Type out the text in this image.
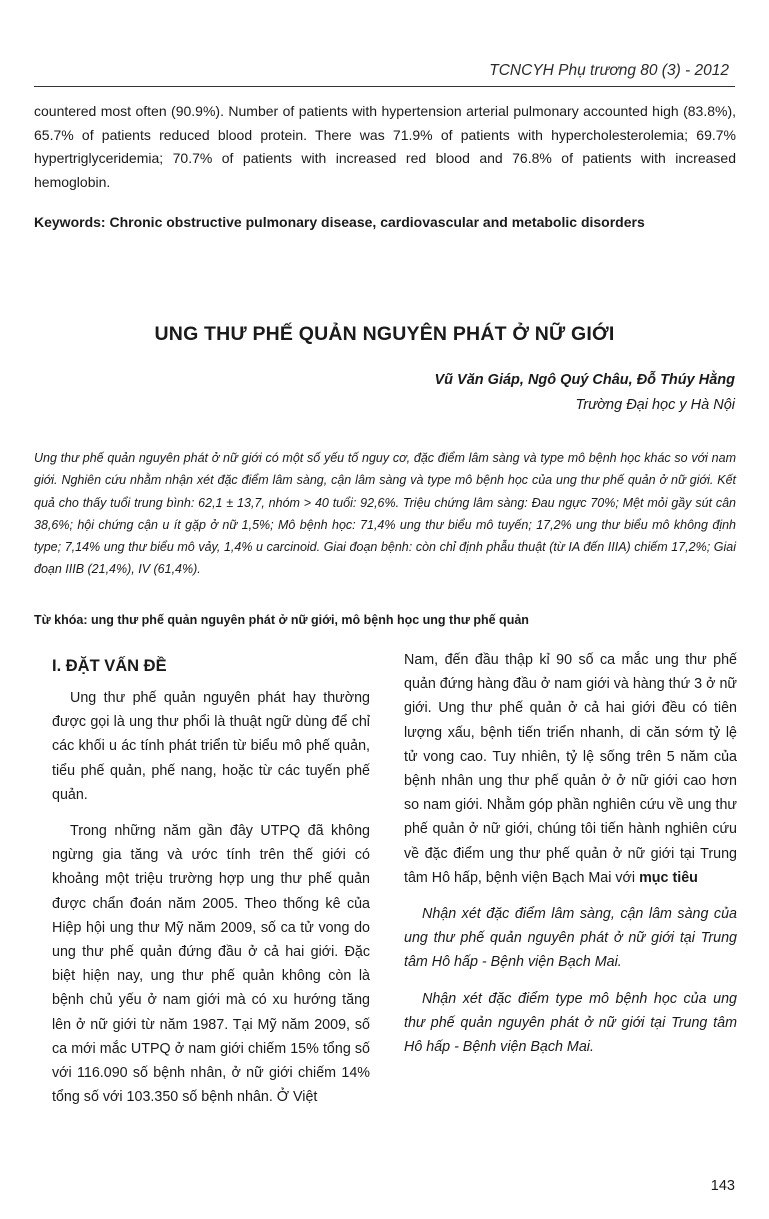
TCNCYH Phụ trương 80 (3) - 2012

countered most often (90.9%). Number of patients with hypertension arterial pulmonary accounted high (83.8%), 65.7% of patients reduced blood protein. There was 71.9% of patients with hypercholesterolemia; 69.7% hypertriglyceridemia; 70.7% of patients with increased red blood and 76.8% of patients with increased hemoglobin.

Keywords: Chronic obstructive pulmonary disease, cardiovascular and metabolic disorders

UNG THƯ PHẾ QUẢN NGUYÊN PHÁT Ở NỮ GIỚI

Vũ Văn Giáp, Ngô Quý Châu, Đỗ Thúy Hằng

Trường Đại học y Hà Nội

Ung thư phế quản nguyên phát ở nữ giới có một số yếu tố nguy cơ, đặc điểm lâm sàng và type mô bệnh học khác so với nam giới. Nghiên cứu nhằm nhận xét đặc điểm lâm sàng, cận lâm sàng và type mô bệnh học của ung thư phế quản ở nữ giới. Kết quả cho thấy tuổi trung bình: 62,1 ± 13,7, nhóm > 40 tuổi: 92,6%. Triệu chứng lâm sàng: Đau ngực 70%; Mệt mỏi gầy sút cân 38,6%; hội chứng cận u ít gặp ở nữ 1,5%; Mô bệnh học: 71,4% ung thư biểu mô tuyến; 17,2% ung thư biểu mô không định type; 7,14% ung thư biểu mô vảy, 1,4% u carcinoid. Giai đoạn bệnh: còn chỉ định phẫu thuật (từ IA đến IIIA) chiếm 17,2%; Giai đoạn IIIB (21,4%), IV (61,4%).

Từ khóa: ung thư phế quản nguyên phát ở nữ giới, mô bệnh học ung thư phế quản

I. ĐẶT VẤN ĐỀ

Ung thư phế quản nguyên phát hay thường được gọi là ung thư phổi là thuật ngữ dùng để chỉ các khối u ác tính phát triển từ biểu mô phế quản, tiểu phế quản, phế nang, hoặc từ các tuyến phế quản.

Trong những năm gần đây UTPQ đã không ngừng gia tăng và ước tính trên thế giới có khoảng một triệu trường hợp ung thư phế quản được chẩn đoán năm 2005. Theo thống kê của Hiệp hội ung thư Mỹ năm 2009, số ca tử vong do ung thư phế quản đứng đầu ở cả hai giới. Đặc biệt hiện nay, ung thư phế quản không còn là bệnh chủ yếu ở nam giới mà có xu hướng tăng lên ở nữ giới từ năm 1987. Tại Mỹ năm 2009, số ca mới mắc UTPQ ở nam giới chiếm 15% tổng số với 116.090 số bệnh nhân, ở nữ giới chiếm 14% tổng số với 103.350 số bệnh nhân. Ở Việt

Nam, đến đầu thập kỉ 90 số ca mắc ung thư phế quản đứng hàng đầu ở nam giới và hàng thứ 3 ở nữ giới. Ung thư phế quản ở cả hai giới đều có tiên lượng xấu, bệnh tiến triển nhanh, di căn sớm tỷ lệ tử vong cao. Tuy nhiên, tỷ lệ sống trên 5 năm của bệnh nhân ung thư phế quản ở ở nữ giới cao hơn so nam giới. Nhằm góp phần nghiên cứu về ung thư phế quản ở nữ giới, chúng tôi tiến hành nghiên cứu về đặc điểm ung thư phế quản ở nữ giới tại Trung tâm Hô hấp, bệnh viện Bạch Mai với mục tiêu

Nhận xét đặc điểm lâm sàng, cận lâm sàng của ung thư phế quản nguyên phát ở nữ giới tại Trung tâm Hô hấp - Bệnh viện Bạch Mai.

Nhận xét đặc điểm type mô bệnh học của ung thư phế quản nguyên phát ở nữ giới tại Trung tâm Hô hấp - Bệnh viện Bạch Mai.

143
